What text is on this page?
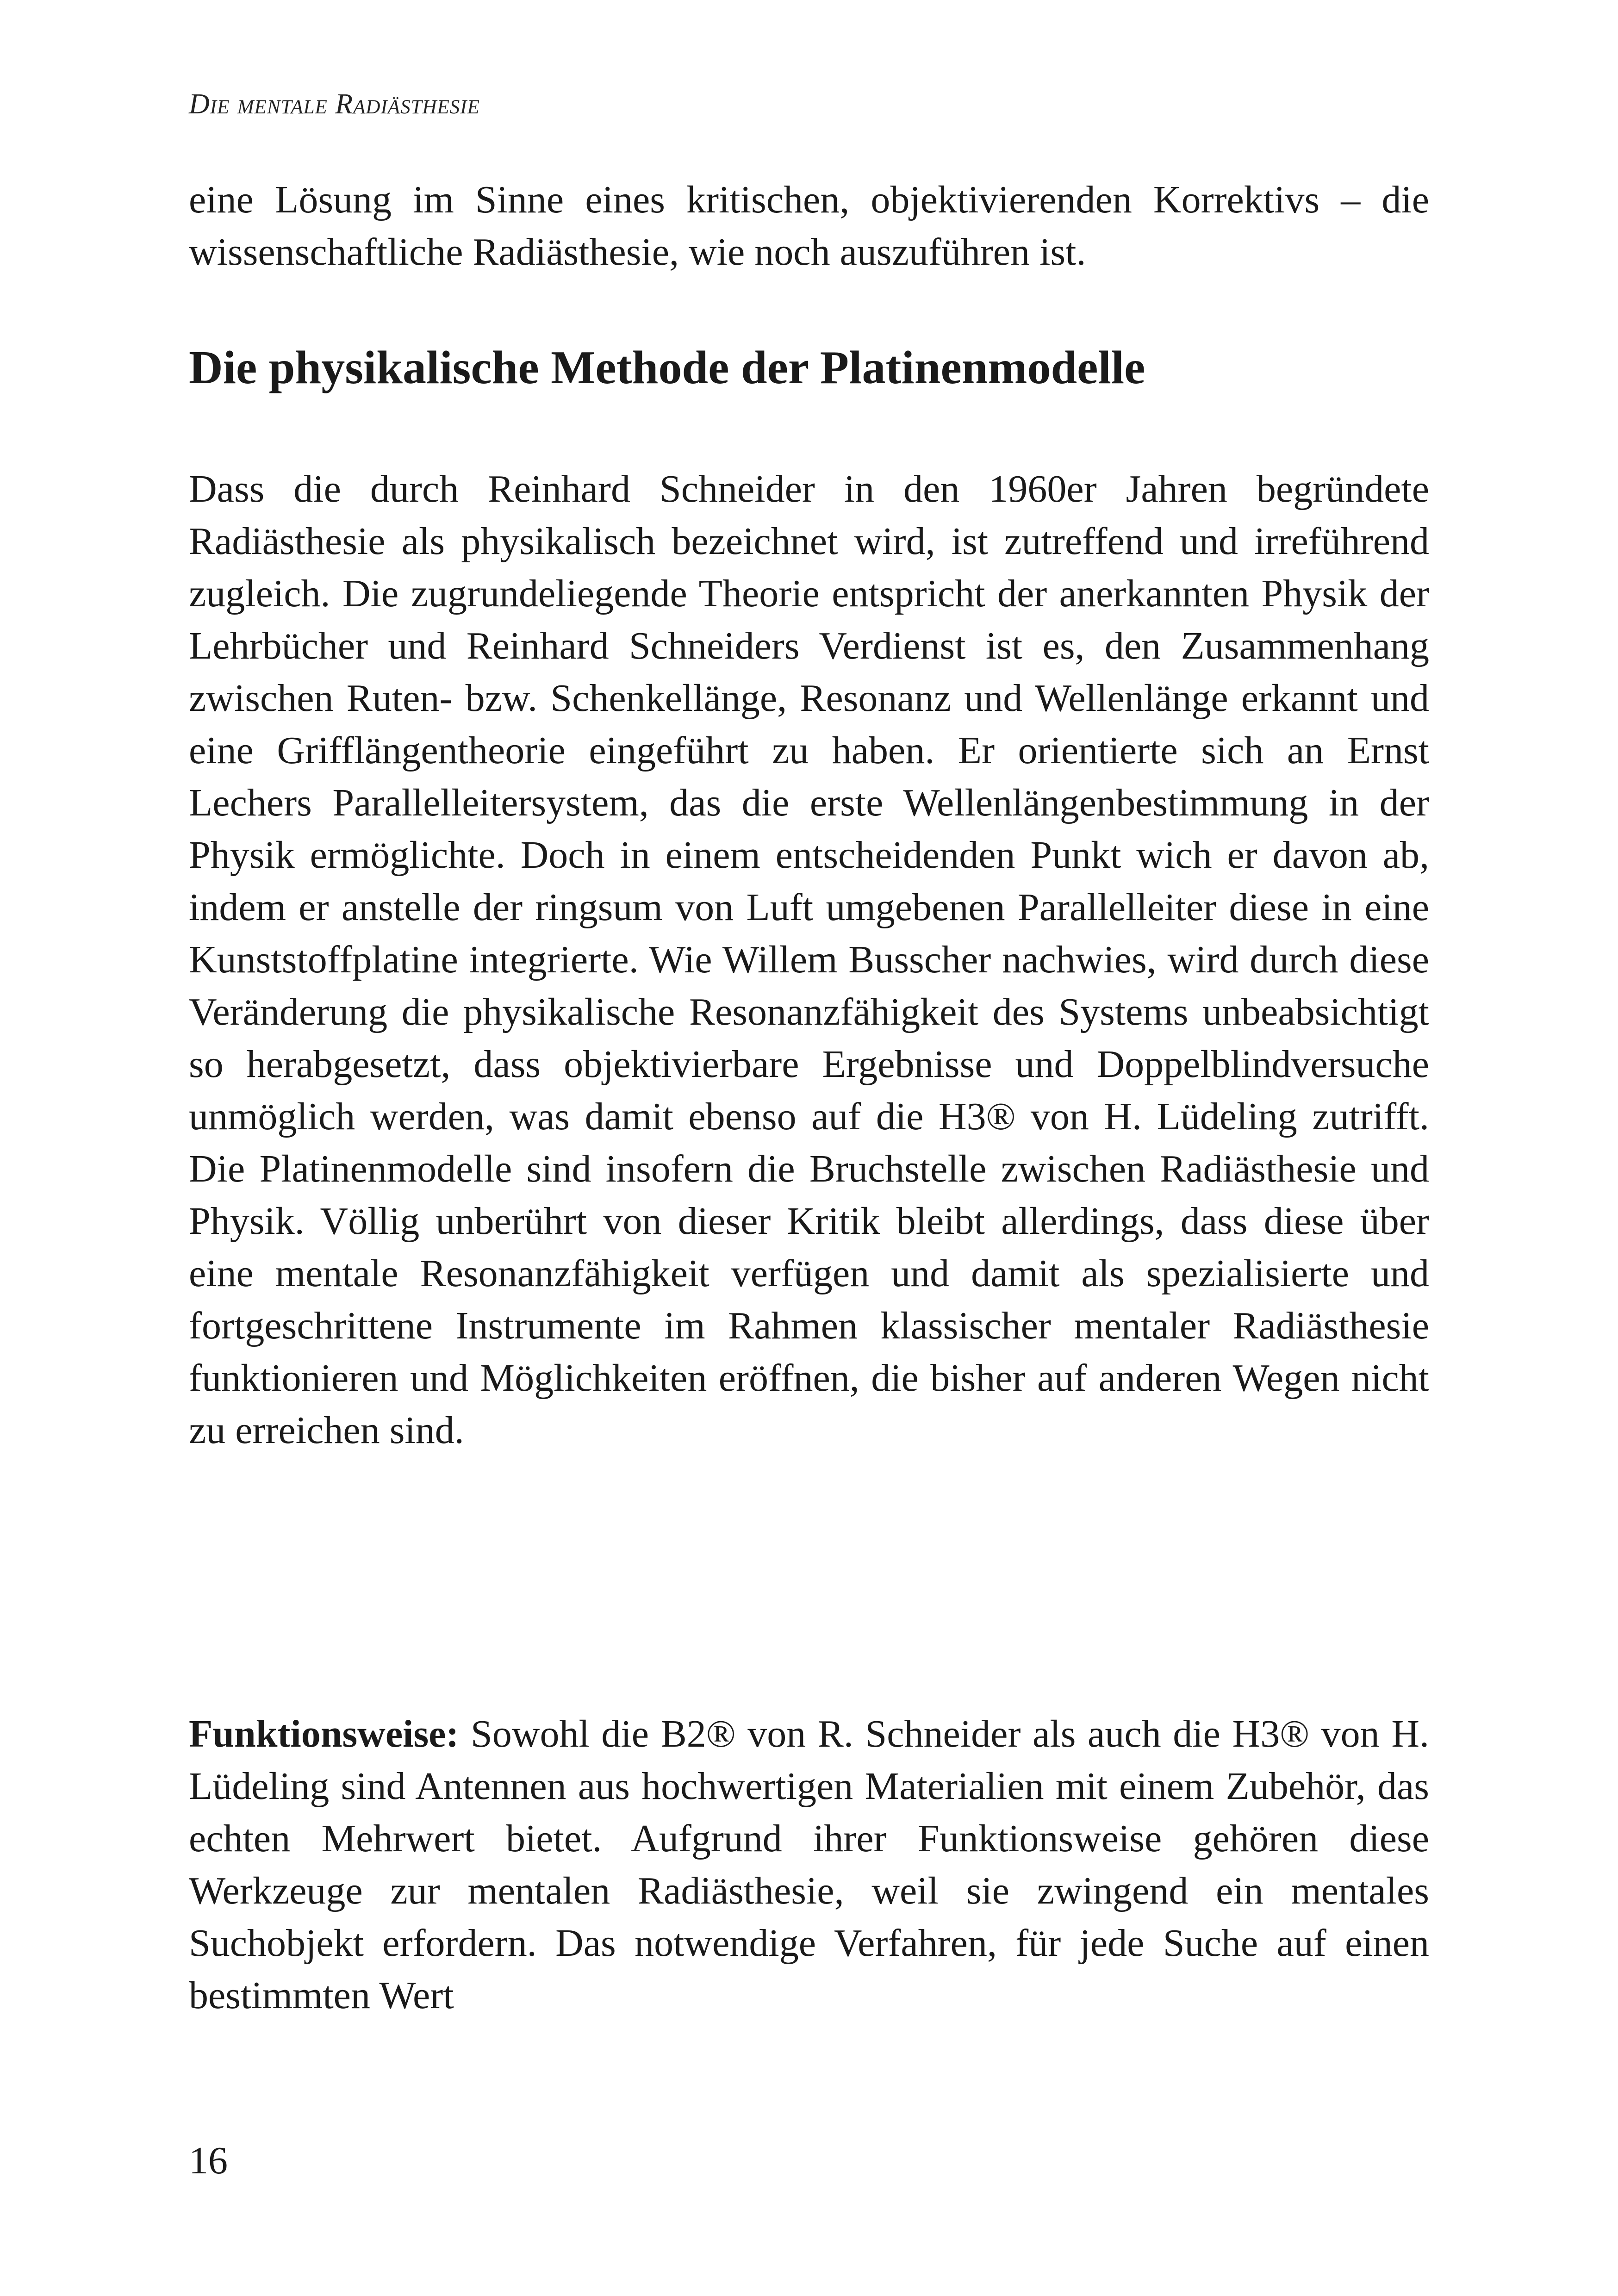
Die mentale Radiästhesie

eine Lösung im Sinne eines kritischen, objektivierenden Korrektivs – die wissenschaftliche Radiästhesie, wie noch auszuführen ist.

Die physikalische Methode der Platinenmodelle

Dass die durch Reinhard Schneider in den 1960er Jahren begründete Radiästhesie als physikalisch bezeichnet wird, ist zutreffend und irreführend zugleich. Die zugrundeliegende Theorie entspricht der anerkannten Physik der Lehrbücher und Reinhard Schneiders Verdienst ist es, den Zusammenhang zwischen Ruten- bzw. Schenkellänge, Resonanz und Wellenlänge erkannt und eine Grifflängentheorie eingeführt zu haben. Er orientierte sich an Ernst Lechers Parallelleitersystem, das die erste Wellenlängenbestimmung in der Physik ermöglichte. Doch in einem entscheidenden Punkt wich er davon ab, indem er anstelle der ringsum von Luft umgebenen Parallelleiter diese in eine Kunststoffplatine integrierte. Wie Willem Busscher nachwies, wird durch diese Veränderung die physikalische Resonanzfähigkeit des Systems unbeabsichtigt so herabgesetzt, dass objektivierbare Ergebnisse und Doppelblindversuche unmöglich werden, was damit ebenso auf die H3® von H. Lüdeling zutrifft. Die Platinenmodelle sind insofern die Bruchstelle zwischen Radiästhesie und Physik. Völlig unberührt von dieser Kritik bleibt allerdings, dass diese über eine mentale Resonanzfähigkeit verfügen und damit als spezialisierte und fortgeschrittene Instrumente im Rahmen klassischer mentaler Radiästhesie funktionieren und Möglichkeiten eröffnen, die bisher auf anderen Wegen nicht zu erreichen sind.

Funktionsweise: Sowohl die B2® von R. Schneider als auch die H3® von H. Lüdeling sind Antennen aus hochwertigen Materialien mit einem Zubehör, das echten Mehrwert bietet. Aufgrund ihrer Funktionsweise gehören diese Werkzeuge zur mentalen Radiästhesie, weil sie zwingend ein mentales Suchobjekt erfordern. Das notwendige Verfahren, für jede Suche auf einen bestimmten Wert

16
